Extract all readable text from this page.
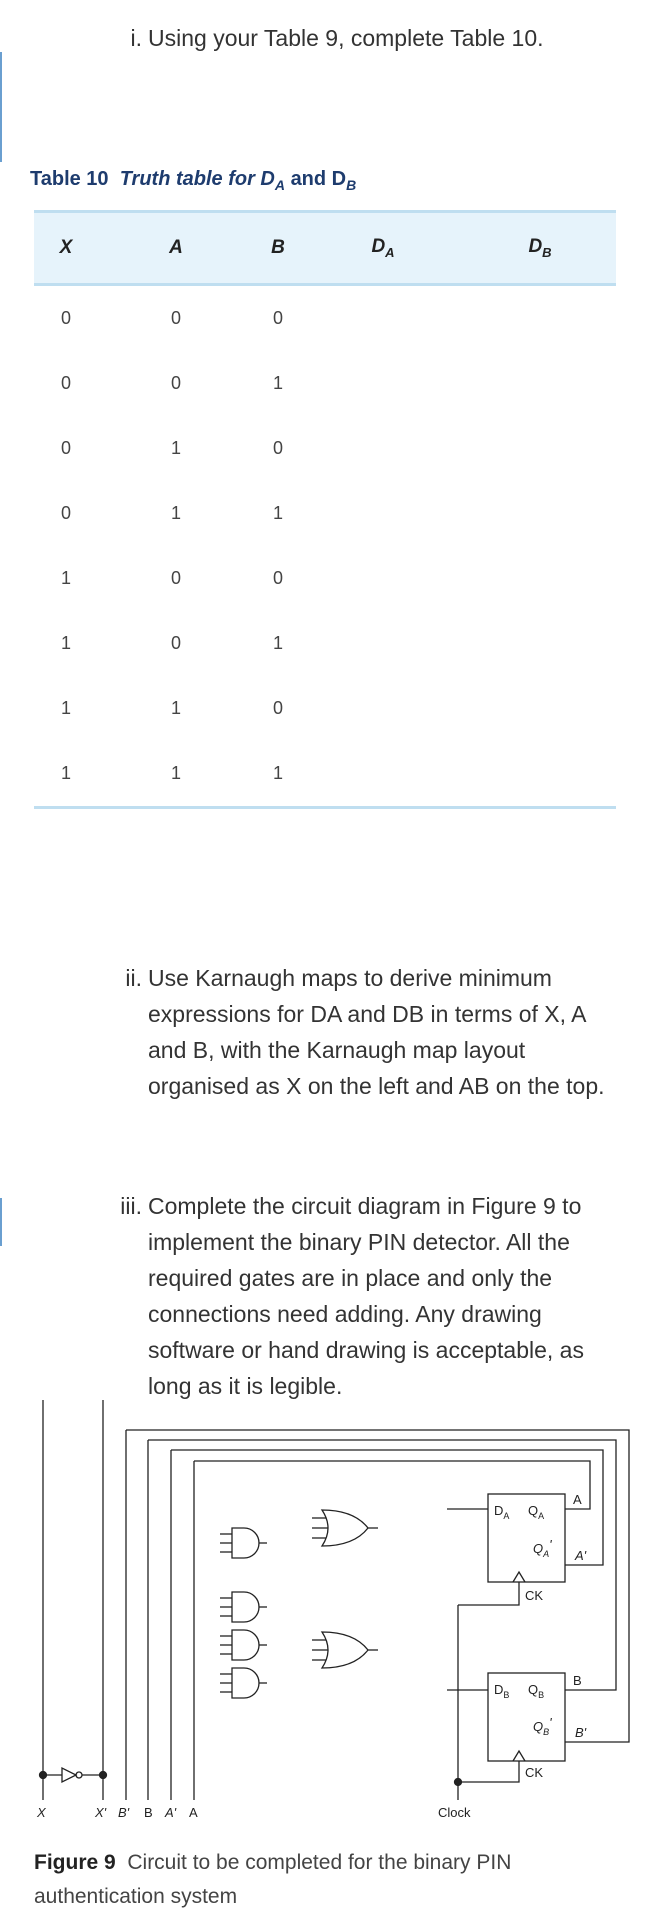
i. Using your Table 9, complete Table 10.
Table 10 Truth table for $D_A$ and $D_B$
X	A	B	$D_A$	$D_B$
0	0	0		
0	0	1		
0	1	0		
0	1	1		
1	0	0		
1	0	1		
1	1	0		
1	1	1		
ii. Use Karnaugh maps to derive minimum
expressions for DA and DB in terms of X, A
and B, with the Karnaugh map layout
organised as X on the left and AB on the top.
iii. Complete the circuit diagram in Figure 9 to
implement the binary PIN detector. All the
required gates are in place and only the
connections need adding. Any drawing
software or hand drawing is acceptable, as
long as it is legible.
$D_A$ $Q_A$
$Q_A'$
CK
A
A'
$D_B$ $Q_B$
$Q_B'$
CK
B
B'
X	X' B' B A' A	Clock
Figure 9 Circuit to be completed for the binary PIN authentication system
